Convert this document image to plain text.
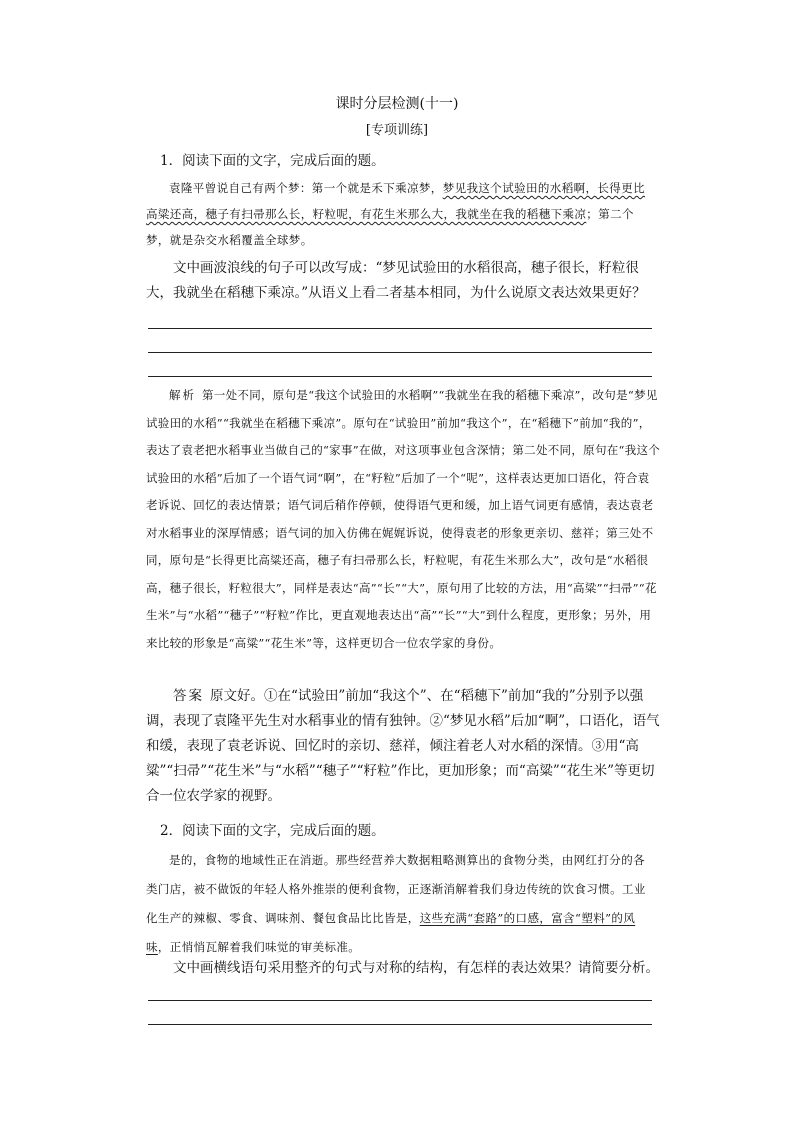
课时分层检测(十一)
[专项训练]
1．阅读下面的文字，完成后面的题。

袁隆平曾说自己有两个梦：第一个就是禾下乘凉梦，梦见我这个试验田的水稻啊，长得更比高粱还高，穗子有扫帚那么长，籽粒呢，有花生米那么大，我就坐在我的稻穗下乘凉；第二个梦，就是杂交水稻覆盖全球梦。

文中画波浪线的句子可以改写成：“梦见试验田的水稻很高，穗子很长，籽粒很大，我就坐在稻穗下乘凉。”从语义上看二者基本相同，为什么说原文表达效果更好？

解析 第一处不同，原句是“我这个试验田的水稻啊”“我就坐在我的稻穗下乘凉”，改句是“梦见试验田的水稻”“我就坐在稻穗下乘凉”。原句在“试验田”前加“我这个”，在“稻穗下”前加“我的”，表达了袁老把水稻事业当做自己的“家事”在做，对这项事业包含深情；第二处不同，原句在“我这个试验田的水稻”后加了一个语气词“啊”，在“籽粒”后加了一个“呢”，这样表达更加口语化，符合袁老诉说、回忆的表达情景；语气词后稍作停顿，使得语气更和缓，加上语气词更有感情，表达袁老对水稻事业的深厚情感；语气词的加入仿佛在娓娓诉说，使得袁老的形象更亲切、慈祥；第三处不同，原句是“长得更比高粱还高，穗子有扫帚那么长，籽粒呢，有花生米那么大”，改句是“水稻很高，穗子很长，籽粒很大”，同样是表达“高”“长”“大”，原句用了比较的方法，用“高粱”“扫帚”“花生米”与“水稻”“穗子”“籽粒”作比，更直观地表达出“高”“长”“大”到什么程度，更形象；另外，用来比较的形象是“高粱”“花生米”等，这样更切合一位农学家的身份。

答案 原文好。①在“试验田”前加“我这个”、在“稻穗下”前加“我的”分别予以强调，表现了袁隆平先生对水稻事业的情有独钟。②“梦见水稻”后加“啊”，口语化，语气和缓，表现了袁老诉说、回忆时的亲切、慈祥，倾注着老人对水稻的深情。③用“高粱”“扫帚”“花生米”与“水稻”“穗子”“籽粒”作比，更加形象；而“高粱”“花生米”等更切合一位农学家的视野。

2．阅读下面的文字，完成后面的题。

是的，食物的地域性正在消逝。那些经营养大数据粗略测算出的食物分类，由网红打分的各类门店，被不做饭的年轻人格外推崇的便利食物，正逐渐消解着我们身边传统的饮食习惯。工业化生产的辣椒、零食、调味剂、餐包食品比比皆是，这些充满“套路”的口感，富含“塑料”的风味，正悄悄瓦解着我们味觉的审美标准。

文中画横线语句采用整齐的句式与对称的结构，有怎样的表达效果？请简要分析。
